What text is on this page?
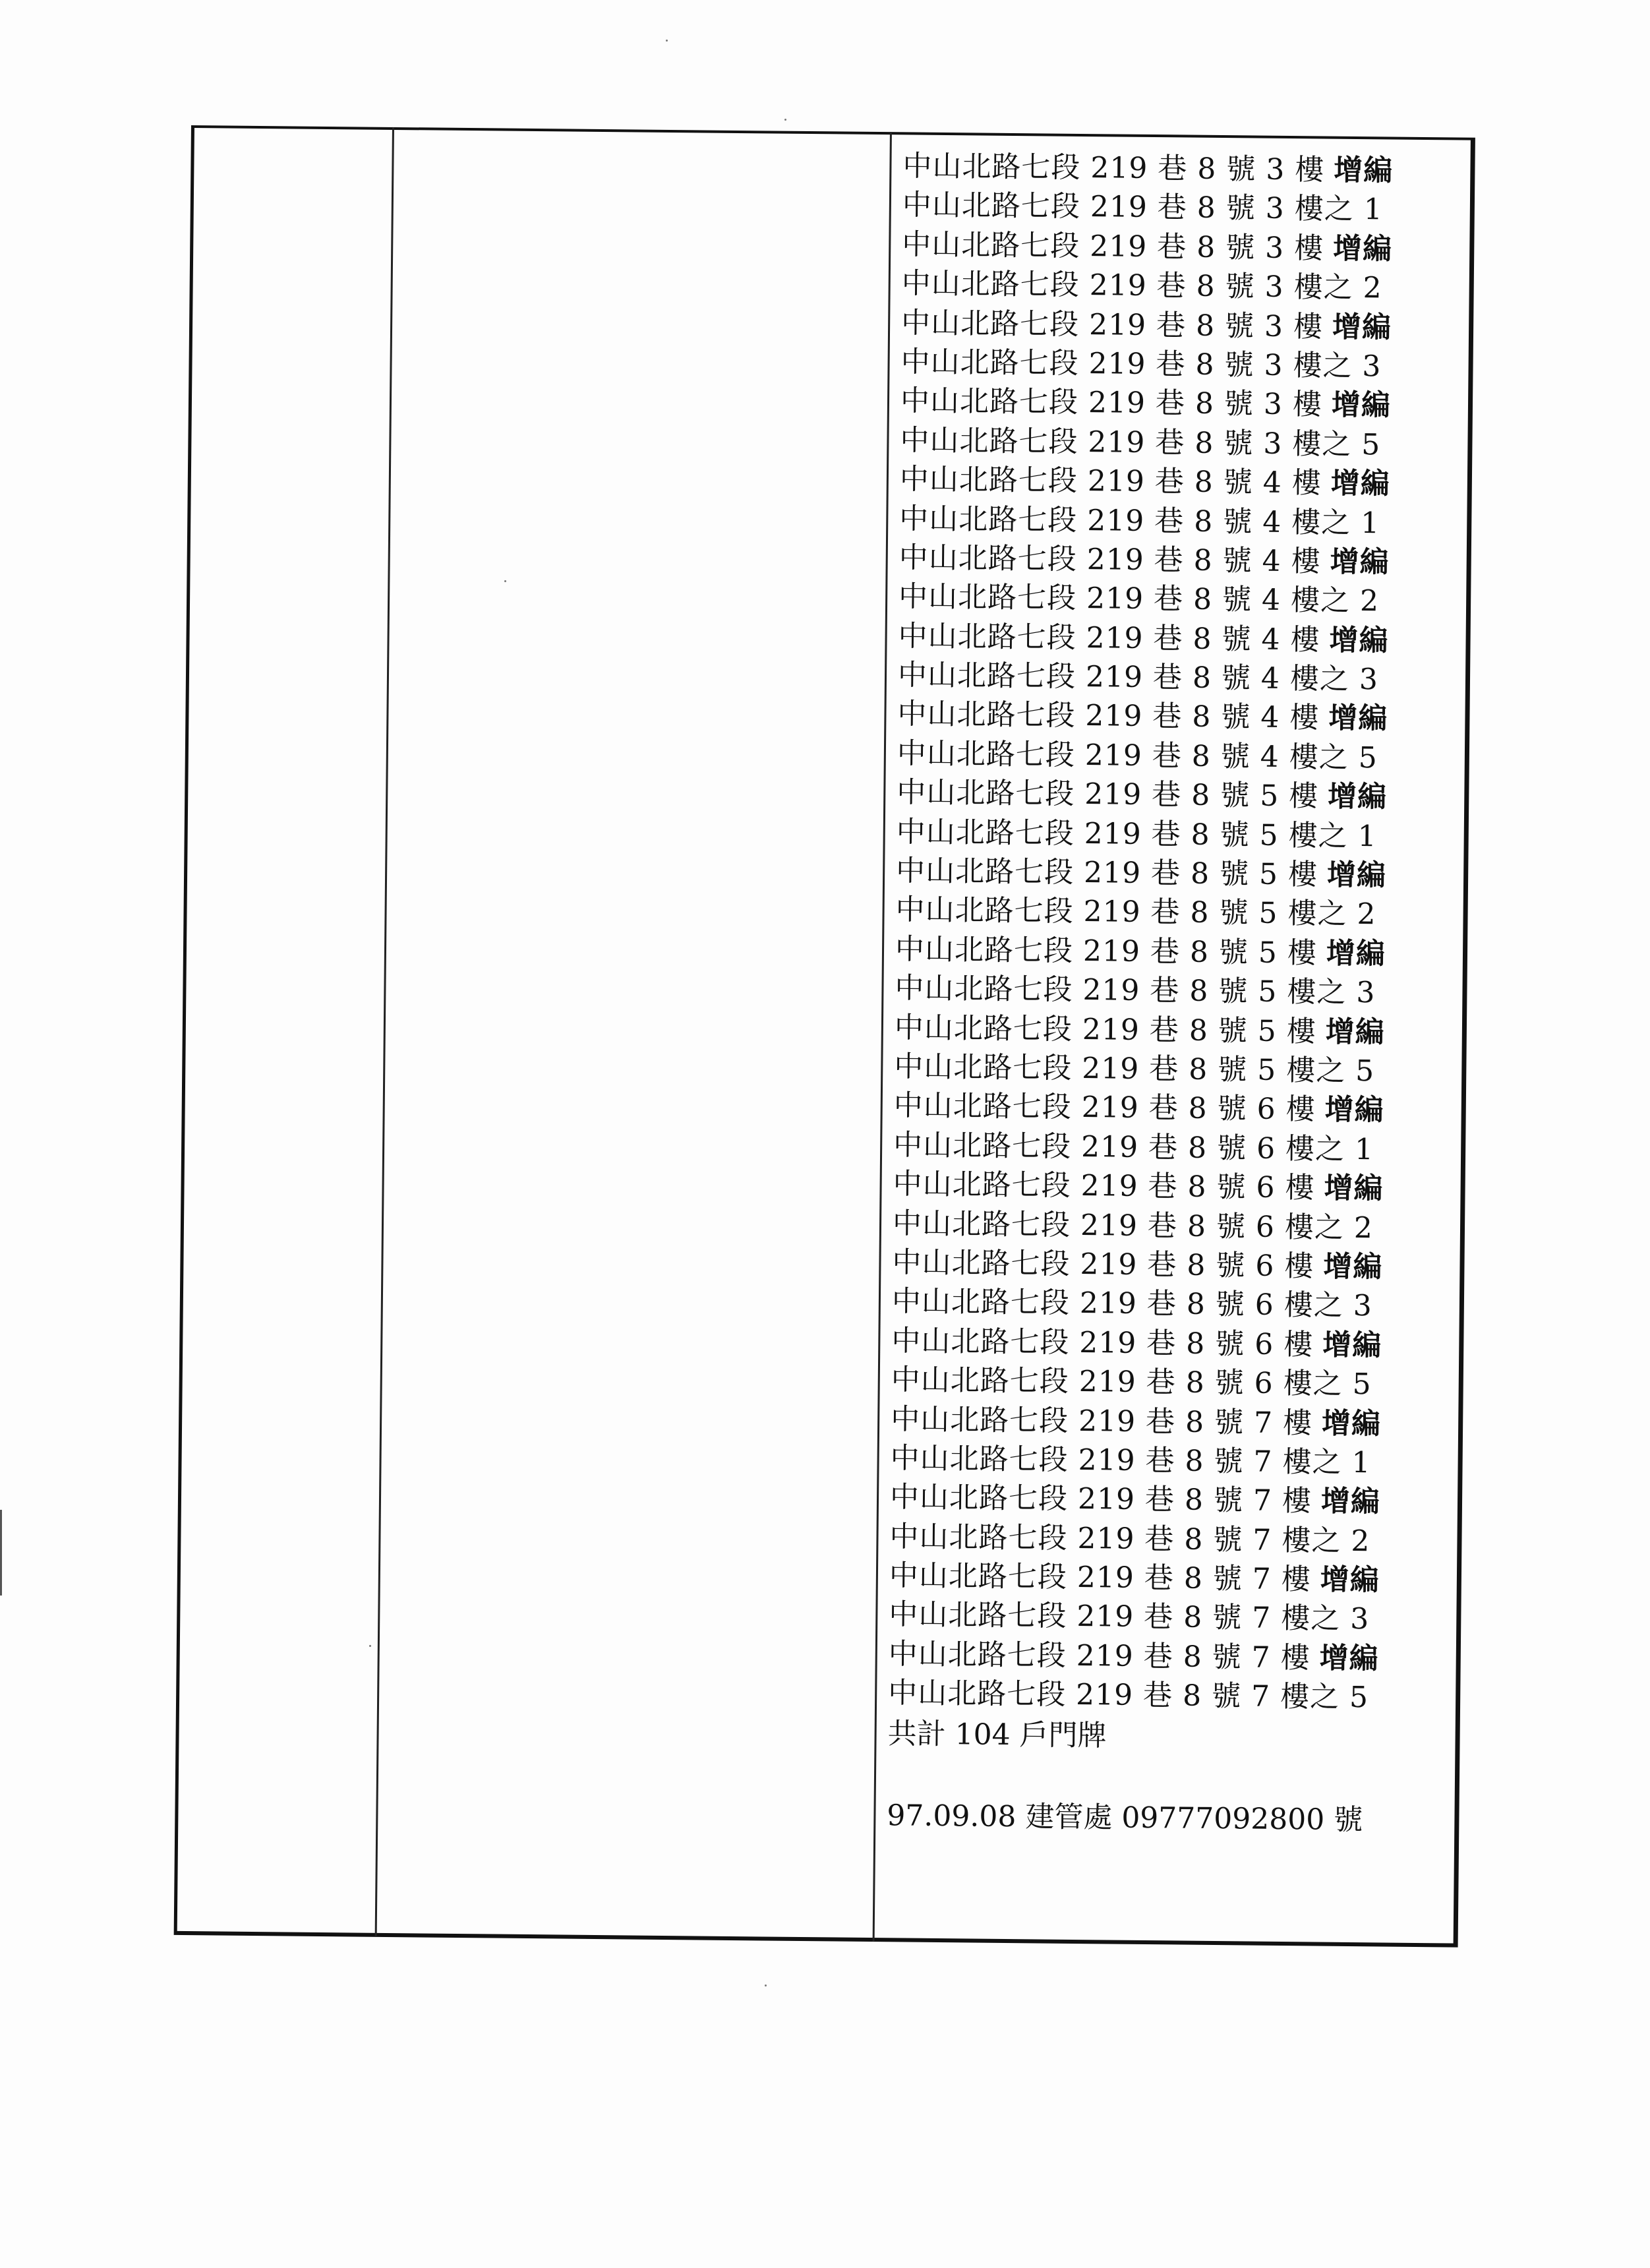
中山北路七段 219 巷 8 號 3 樓 增編
中山北路七段 219 巷 8 號 3 樓之 1
中山北路七段 219 巷 8 號 3 樓 增編
中山北路七段 219 巷 8 號 3 樓之 2
中山北路七段 219 巷 8 號 3 樓 增編
中山北路七段 219 巷 8 號 3 樓之 3
中山北路七段 219 巷 8 號 3 樓 增編
中山北路七段 219 巷 8 號 3 樓之 5
中山北路七段 219 巷 8 號 4 樓 增編
中山北路七段 219 巷 8 號 4 樓之 1
中山北路七段 219 巷 8 號 4 樓 增編
中山北路七段 219 巷 8 號 4 樓之 2
中山北路七段 219 巷 8 號 4 樓 增編
中山北路七段 219 巷 8 號 4 樓之 3
中山北路七段 219 巷 8 號 4 樓 增編
中山北路七段 219 巷 8 號 4 樓之 5
中山北路七段 219 巷 8 號 5 樓 增編
中山北路七段 219 巷 8 號 5 樓之 1
中山北路七段 219 巷 8 號 5 樓 增編
中山北路七段 219 巷 8 號 5 樓之 2
中山北路七段 219 巷 8 號 5 樓 增編
中山北路七段 219 巷 8 號 5 樓之 3
中山北路七段 219 巷 8 號 5 樓 增編
中山北路七段 219 巷 8 號 5 樓之 5
中山北路七段 219 巷 8 號 6 樓 增編
中山北路七段 219 巷 8 號 6 樓之 1
中山北路七段 219 巷 8 號 6 樓 增編
中山北路七段 219 巷 8 號 6 樓之 2
中山北路七段 219 巷 8 號 6 樓 增編
中山北路七段 219 巷 8 號 6 樓之 3
中山北路七段 219 巷 8 號 6 樓 增編
中山北路七段 219 巷 8 號 6 樓之 5
中山北路七段 219 巷 8 號 7 樓 增編
中山北路七段 219 巷 8 號 7 樓之 1
中山北路七段 219 巷 8 號 7 樓 增編
中山北路七段 219 巷 8 號 7 樓之 2
中山北路七段 219 巷 8 號 7 樓 增編
中山北路七段 219 巷 8 號 7 樓之 3
中山北路七段 219 巷 8 號 7 樓 增編
中山北路七段 219 巷 8 號 7 樓之 5
共計 104 戶門牌
97.09.08 建管處 09777092800 號
